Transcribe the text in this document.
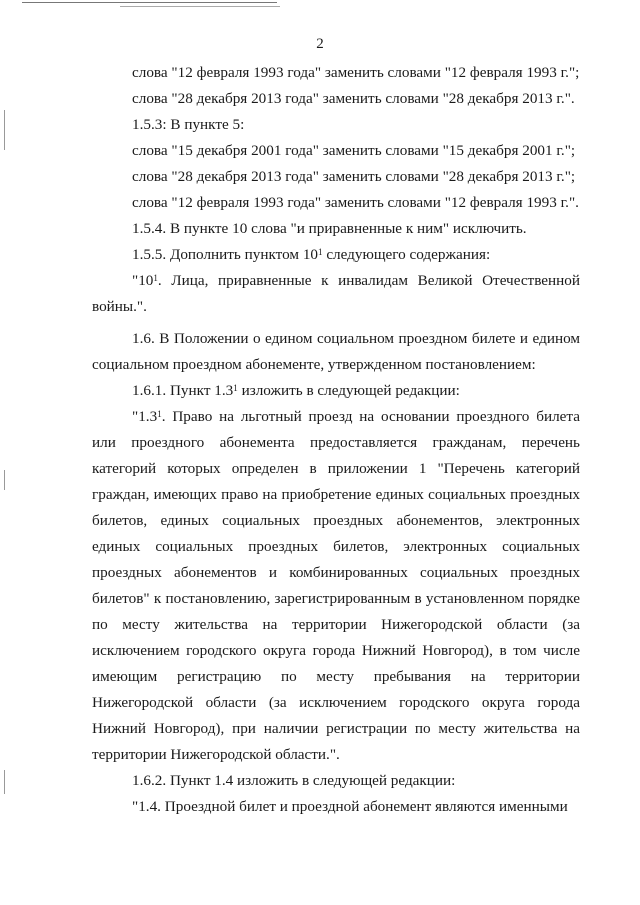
2

слова "12 февраля 1993 года" заменить словами "12 февраля 1993 г.";

слова "28 декабря 2013 года" заменить словами "28 декабря 2013 г.".

1.5.3: В пункте 5:

слова "15 декабря 2001 года" заменить словами "15 декабря 2001 г.";

слова "28 декабря 2013 года" заменить словами "28 декабря 2013 г.";

слова "12 февраля 1993 года" заменить словами "12 февраля 1993 г.".

1.5.4. В пункте 10 слова "и приравненные к ним" исключить.

1.5.5. Дополнить пунктом $10^1$ следующего содержания:

"$10^1$. Лица, приравненные к инвалидам Великой Отечественной войны.".

1.6. В Положении о едином социальном проездном билете и едином социальном проездном абонементе, утвержденном постановлением:

1.6.1. Пункт $1.3^1$ изложить в следующей редакции:

"$1.3^1$. Право на льготный проезд на основании проездного билета или проездного абонемента предоставляется гражданам, перечень категорий которых определен в приложении 1 "Перечень категорий граждан, имеющих право на приобретение единых социальных проездных билетов, единых социальных проездных абонементов, электронных единых социальных проездных билетов, электронных социальных проездных абонементов и комбинированных социальных проездных билетов" к постановлению, зарегистрированным в установленном порядке по месту жительства на территории Нижегородской области (за исключением городского округа города Нижний Новгород), в том числе имеющим регистрацию по месту пребывания на территории Нижегородской области (за исключением городского округа города Нижний Новгород), при наличии регистрации по месту жительства на территории Нижегородской области.".

1.6.2. Пункт 1.4 изложить в следующей редакции:

"1.4. Проездной билет и проездной абонемент являются именными
